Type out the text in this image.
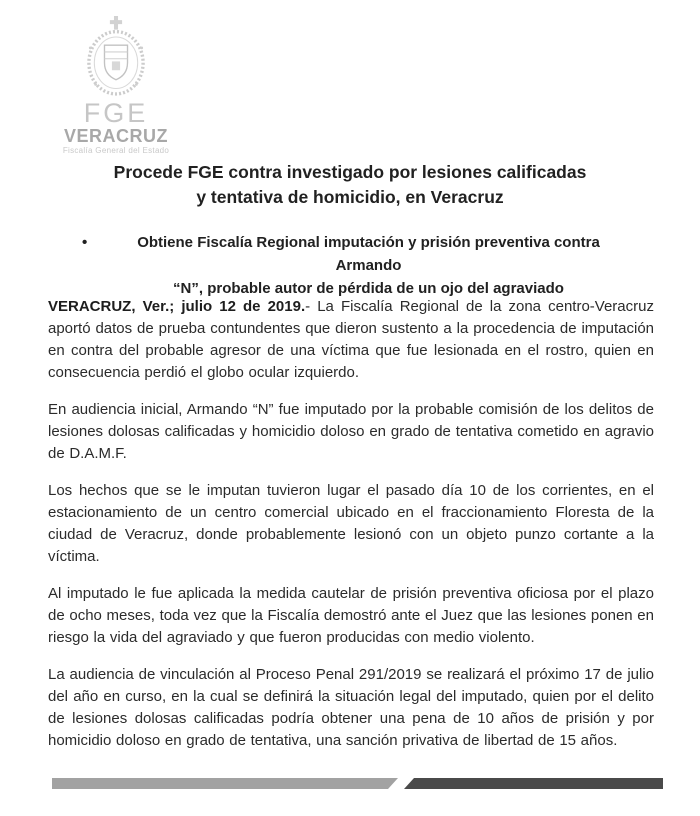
FGE
VERACRUZ
Fiscalía General del Estado
Procede FGE contra investigado por lesiones calificadas
y tentativa de homicidio, en Veracruz
•	Obtiene Fiscalía Regional imputación y prisión preventiva contra Armando
“N”, probable autor de pérdida de un ojo del agraviado

VERACRUZ, Ver.; julio 12 de 2019.- La Fiscalía Regional de la zona centro-Veracruz aportó datos de prueba contundentes que dieron sustento a la procedencia de imputación en contra del probable agresor de una víctima que fue lesionada en el rostro, quien en consecuencia perdió el globo ocular izquierdo.

En audiencia inicial, Armando “N” fue imputado por la probable comisión de los delitos de lesiones dolosas calificadas y homicidio doloso en grado de tentativa cometido en agravio de D.A.M.F.

Los hechos que se le imputan tuvieron lugar el pasado día 10 de los corrientes, en el estacionamiento de un centro comercial ubicado en el fraccionamiento Floresta de la ciudad de Veracruz, donde probablemente lesionó con un objeto punzo cortante a la víctima.

Al imputado le fue aplicada la medida cautelar de prisión preventiva oficiosa por el plazo de ocho meses, toda vez que la Fiscalía demostró ante el Juez que las lesiones ponen en riesgo la vida del agraviado y que fueron producidas con medio violento.

La audiencia de vinculación al Proceso Penal 291/2019 se realizará el próximo 17 de julio del año en curso, en la cual se definirá la situación legal del imputado, quien por el delito de lesiones dolosas calificadas podría obtener una pena de 10 años de prisión y por homicidio doloso en grado de tentativa, una sanción privativa de libertad de 15 años.
